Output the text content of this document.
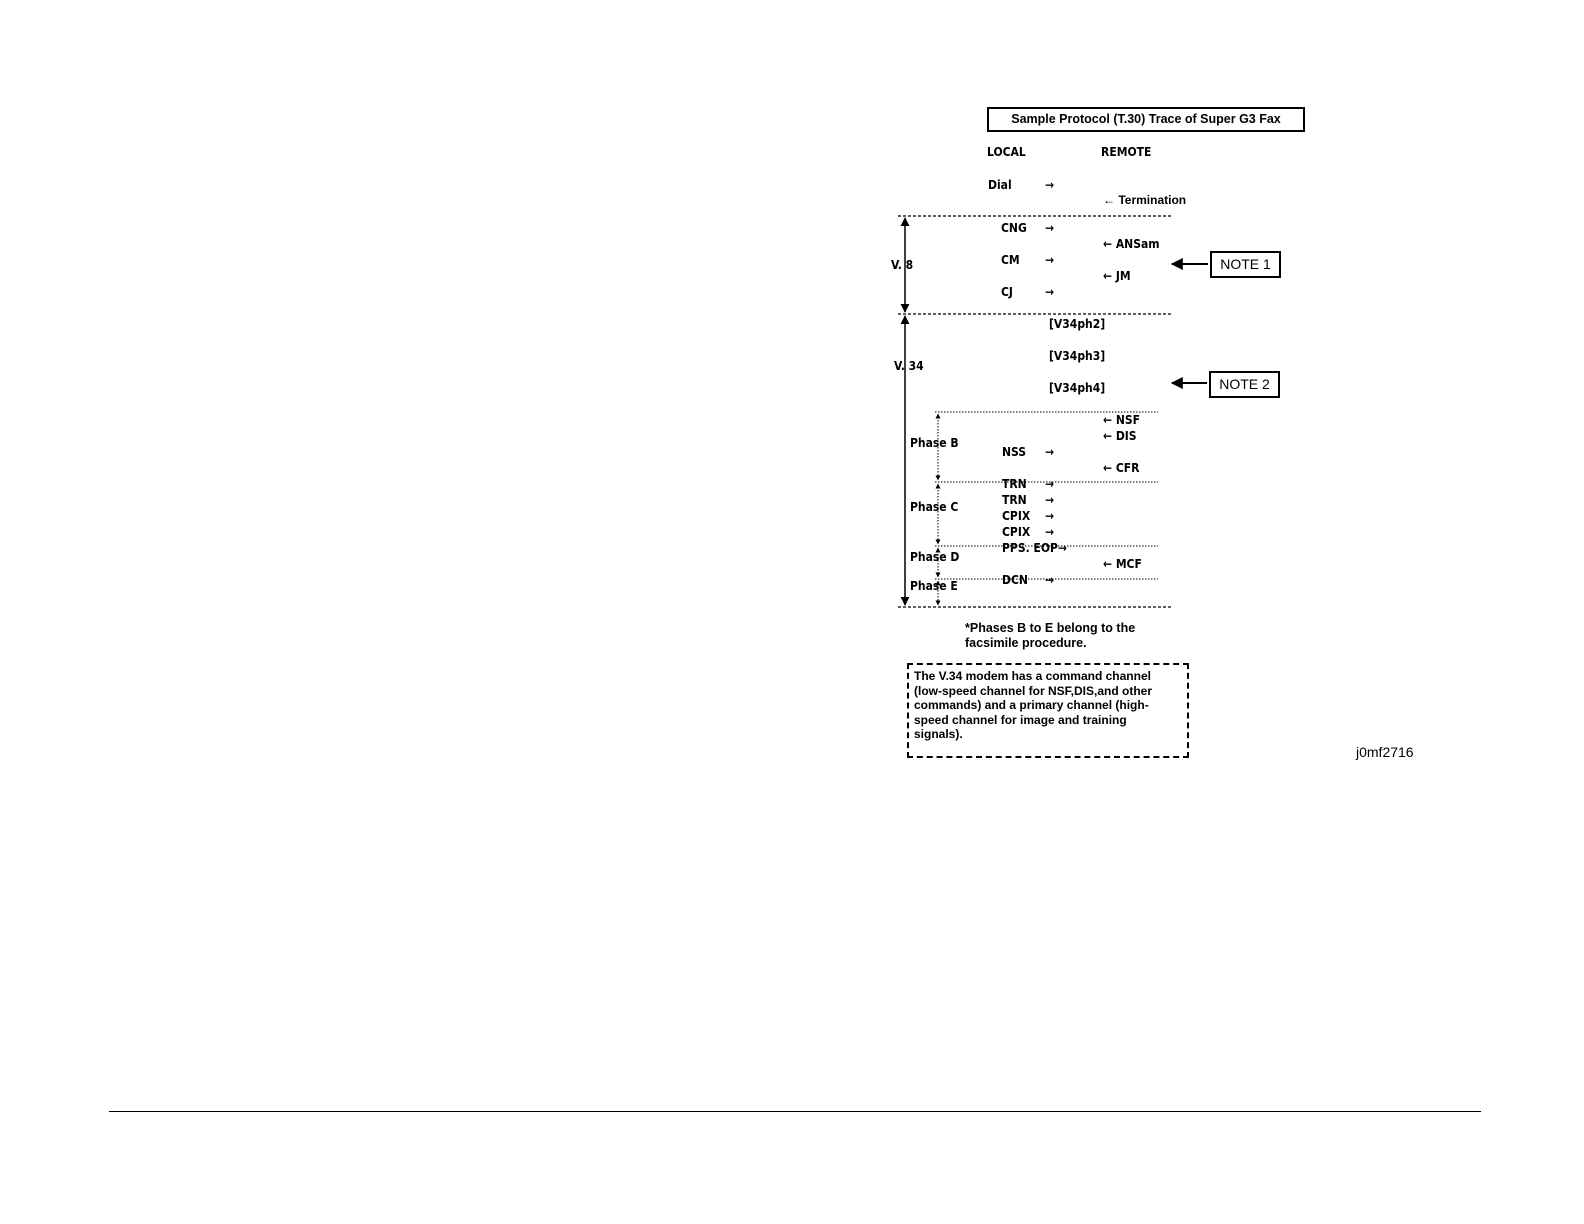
Sample Protocol (T.30) Trace of Super G3 Fax
LOCAL	REMOTE
Dial	→
CNG →
CM →
CJ	→
← Termination
← ANSam
← JM
[V34ph2]
[V34ph3]
[V34ph4]
← NSF
← DIS
NSS →
← CFR
TRN →
TRN →
CPIX →
CPIX →
PPS. EOP→
← MCF
DCN →
V. 8
V. 34
Phase B
Phase C
Phase D
Phase E
NOTE 1
NOTE 2
*Phases B to E belong to the
facsimile procedure.
The V.34 modem has a command channel
(low-speed channel for NSF,DIS,and other
commands) and a primary channel (high-
speed channel for image and training
signals).
j0mf2716
